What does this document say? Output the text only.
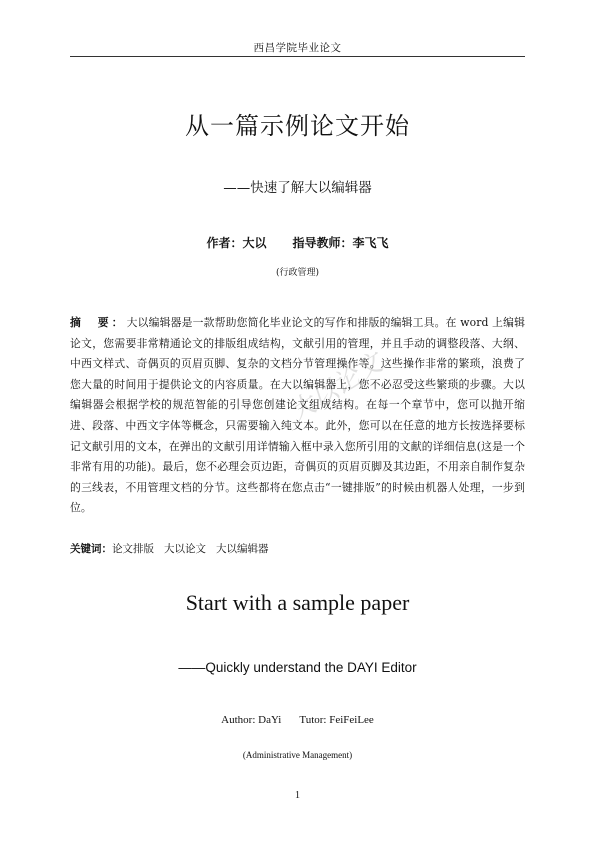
西昌学院毕业论文
从一篇示例论文开始
——快速了解大以编辑器
作者：大以 指导教师：李飞飞
(行政管理)
大以论文
摘　要：大以编辑器是一款帮助您简化毕业论文的写作和排版的编辑工具。在 word 上编辑论文，您需要非常精通论文的排版组成结构，文献引用的管理，并且手动的调整段落、大纲、中西文样式、奇偶页的页眉页脚、复杂的文档分节管理操作等。这些操作非常的繁琐，浪费了您大量的时间用于提供论文的内容质量。在大以编辑器上，您不必忍受这些繁琐的步骤。大以编辑器会根据学校的规范智能的引导您创建论文组成结构。在每一个章节中，您可以抛开缩进、段落、中西文字体等概念，只需要输入纯文本。此外，您可以在任意的地方长按选择要标记文献引用的文本，在弹出的文献引用详情输入框中录入您所引用的文献的详细信息(这是一个非常有用的功能)。最后，您不必理会页边距，奇偶页的页眉页脚及其边距，不用亲自制作复杂的三线表，不用管理文档的分节。这些都将在您点击“一键排版”的时候由机器人处理，一步到位。
关键词：论文排版 大以论文 大以编辑器
Start with a sample paper
——Quickly understand the DAYI Editor
Author: DaYi Tutor: FeiFeiLee
(Administrative Management)
1
